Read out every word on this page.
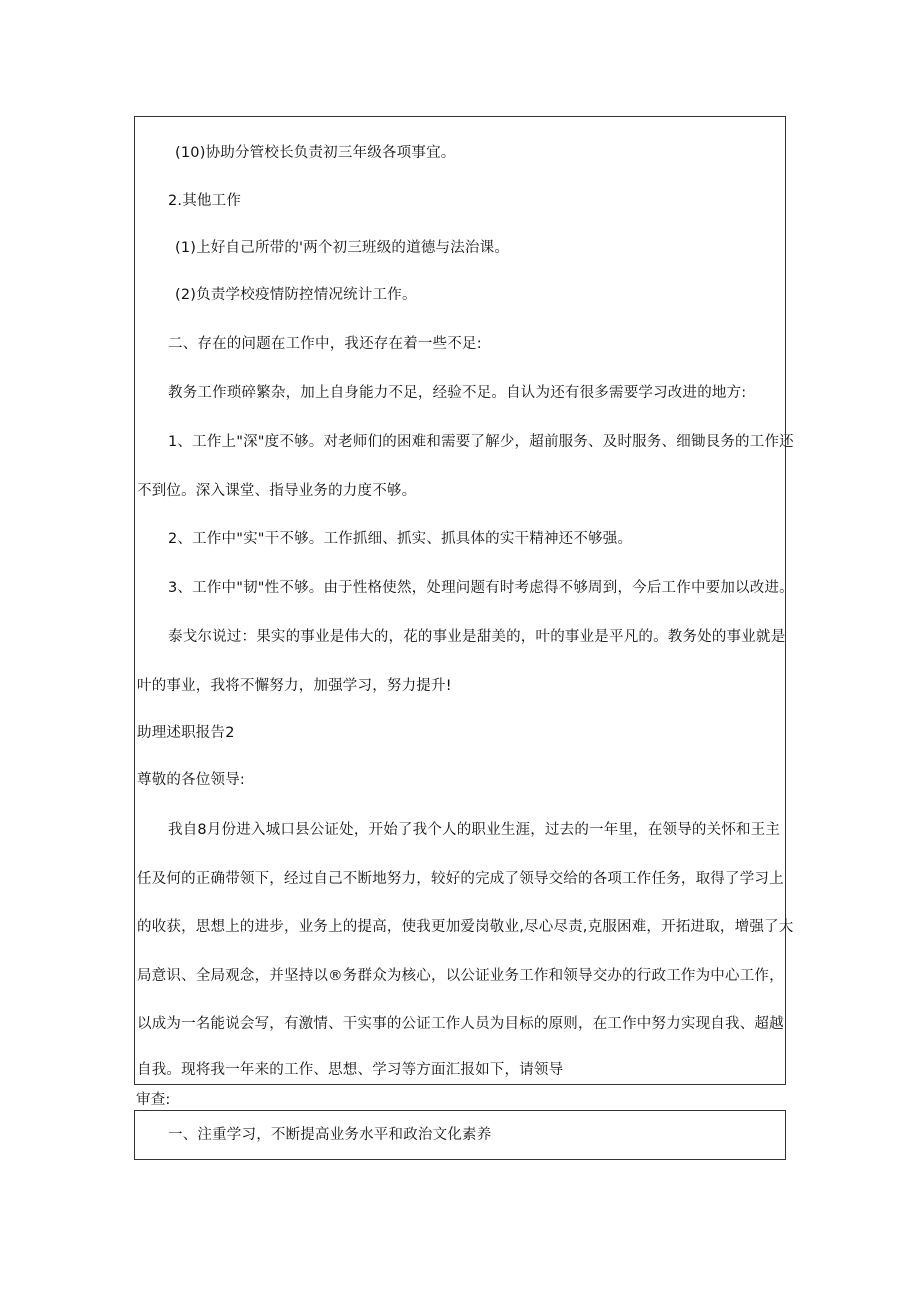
(10)协助分管校长负责初三年级各项事宜。
2.其他工作
(1)上好自己所带的'两个初三班级的道德与法治课。
(2)负责学校疫情防控情况统计工作。
二、存在的问题在工作中，我还存在着一些不足:
教务工作琐碎繁杂，加上自身能力不足，经验不足。自认为还有很多需要学习改进的地方:
1、工作上"深"度不够。对老师们的困难和需要了解少，超前服务、及时服务、细锄艮务的工作还
不到位。深入课堂、指导业务的力度不够。
2、工作中"实"干不够。工作抓细、抓实、抓具体的实干精神还不够强。
3、工作中"韧"性不够。由于性格使然，处理问题有时考虑得不够周到，今后工作中要加以改进。
泰戈尔说过：果实的事业是伟大的，花的事业是甜美的，叶的事业是平凡的。教务处的事业就是
叶的事业，我将不懈努力，加强学习，努力提升!
助理述职报告2
尊敬的各位领导:
我自8月份进入城口县公证处，开始了我个人的职业生涯，过去的一年里，在领导的关怀和王主
任及何的正确带领下，经过自己不断地努力，较好的完成了领导交给的各项工作任务，取得了学习上
的收获，思想上的进步，业务上的提高，使我更加爱岗敬业,尽心尽责,克服困难，开拓进取，增强了大
局意识、全局观念，并坚持以®务群众为核心，以公证业务工作和领导交办的行政工作为中心工作，
以成为一名能说会写，有激情、干实事的公证工作人员为目标的原则，在工作中努力实现自我、超越
自我。现将我一年来的工作、思想、学习等方面汇报如下，请领导
审查:
一、注重学习，不断提高业务水平和政治文化素养
